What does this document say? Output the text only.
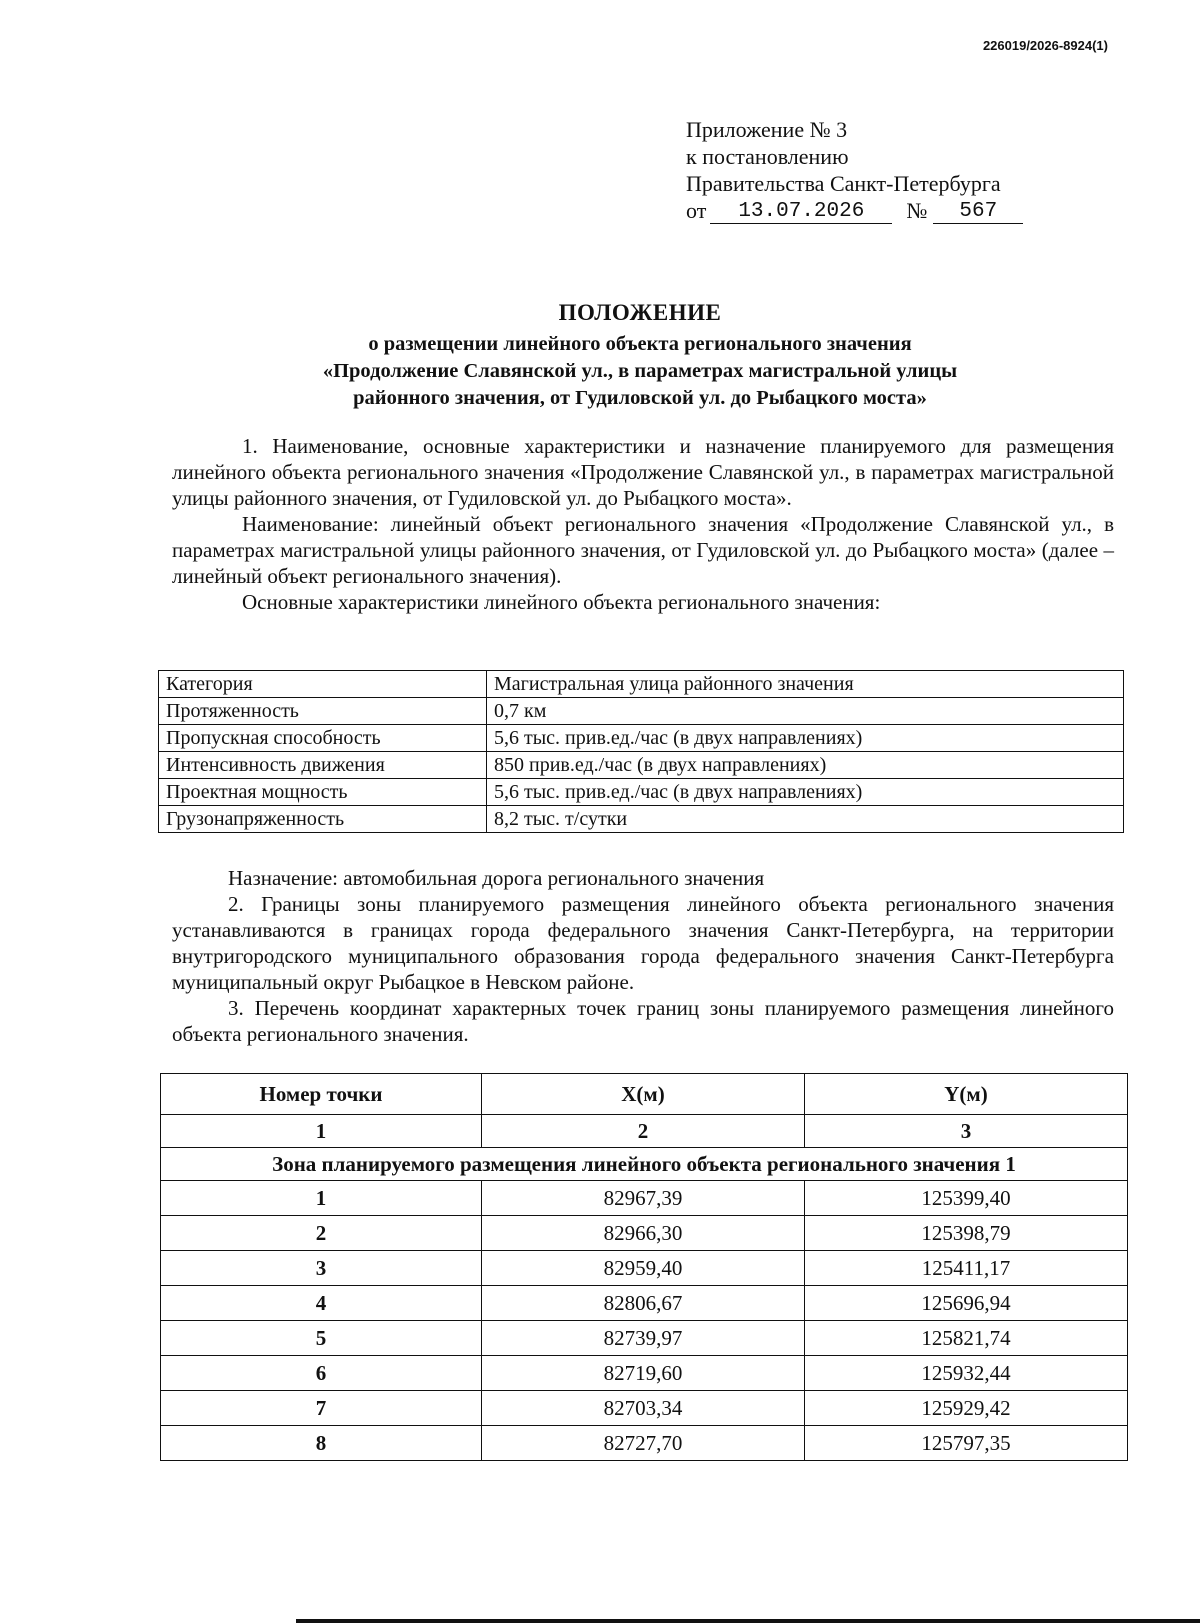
226019/2026-8924(1)
Приложение № 3
к постановлению
Правительства Санкт-Петербурга
от	13.07.2026	№	567
ПОЛОЖЕНИЕ
о размещении линейного объекта регионального значения
«Продолжение Славянской ул., в параметрах магистральной улицы
районного значения, от Гудиловской ул. до Рыбацкого моста»

1. Наименование, основные характеристики и назначение планируемого для размещения линейного объекта регионального значения «Продолжение Славянской ул., в параметрах магистральной улицы районного значения, от Гудиловской ул. до Рыбацкого моста».

Наименование: линейный объект регионального значения «Продолжение Славянской ул., в параметрах магистральной улицы районного значения, от Гудиловской ул. до Рыбацкого моста» (далее – линейный объект регионального значения).

Основные характеристики линейного объекта регионального значения:

Категория	Магистральная улица районного значения
Протяженность	0,7 км
Пропускная способность	5,6 тыс. прив.ед./час (в двух направлениях)
Интенсивность движения	850 прив.ед./час (в двух направлениях)
Проектная мощность	5,6 тыс. прив.ед./час (в двух направлениях)
Грузонапряженность	8,2 тыс. т/сутки

Назначение: автомобильная дорога регионального значения

2. Границы зоны планируемого размещения линейного объекта регионального значения устанавливаются в границах города федерального значения Санкт-Петербурга, на территории внутригородского муниципального образования города федерального значения Санкт-Петербурга муниципальный округ Рыбацкое в Невском районе.

3. Перечень координат характерных точек границ зоны планируемого размещения линейного объекта регионального значения.

Номер точки	X(м)	Y(м)
1	2	3
Зона планируемого размещения линейного объекта регионального значения 1		
1	82967,39	125399,40
2	82966,30	125398,79
3	82959,40	125411,17
4	82806,67	125696,94
5	82739,97	125821,74
6	82719,60	125932,44
7	82703,34	125929,42
8	82727,70	125797,35
